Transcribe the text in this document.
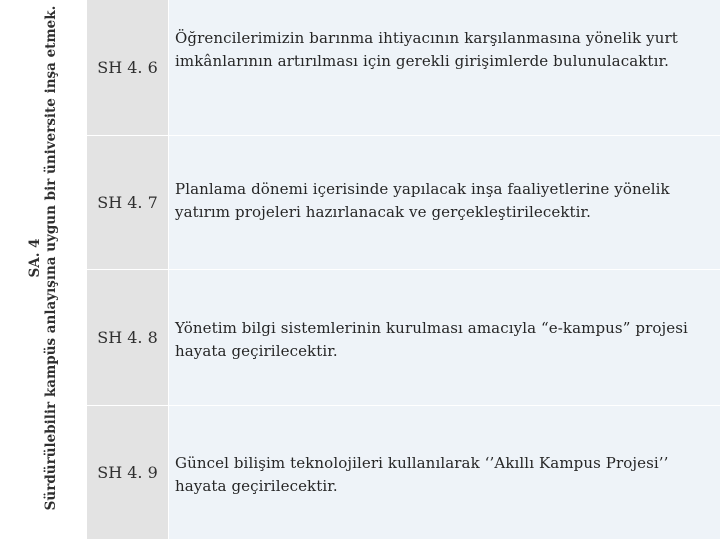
SA. 4 Sürdürülebilir kampüs anlayışına uygun bir üniversite inşa etmek. SH 4. 6
Öğrencilerimizin barınma ihtiyacının karşılanmasına yönelik yurt imkânlarının artırılması için gerekli girişimlerde bulunulacaktır.
SH 4. 7
Planlama dönemi içerisinde yapılacak inşa faaliyetlerine yönelik yatırım projeleri hazırlanacak ve gerçekleştirilecektir.
SH 4. 8
Yönetim bilgi sistemlerinin kurulması amacıyla “e-kampus” projesi hayata geçirilecektir.
SH 4. 9 Güncel bilişim teknolojileri kullanılarak ‘’Akıllı Kampus Projesi’’ hayata geçirilecektir.
